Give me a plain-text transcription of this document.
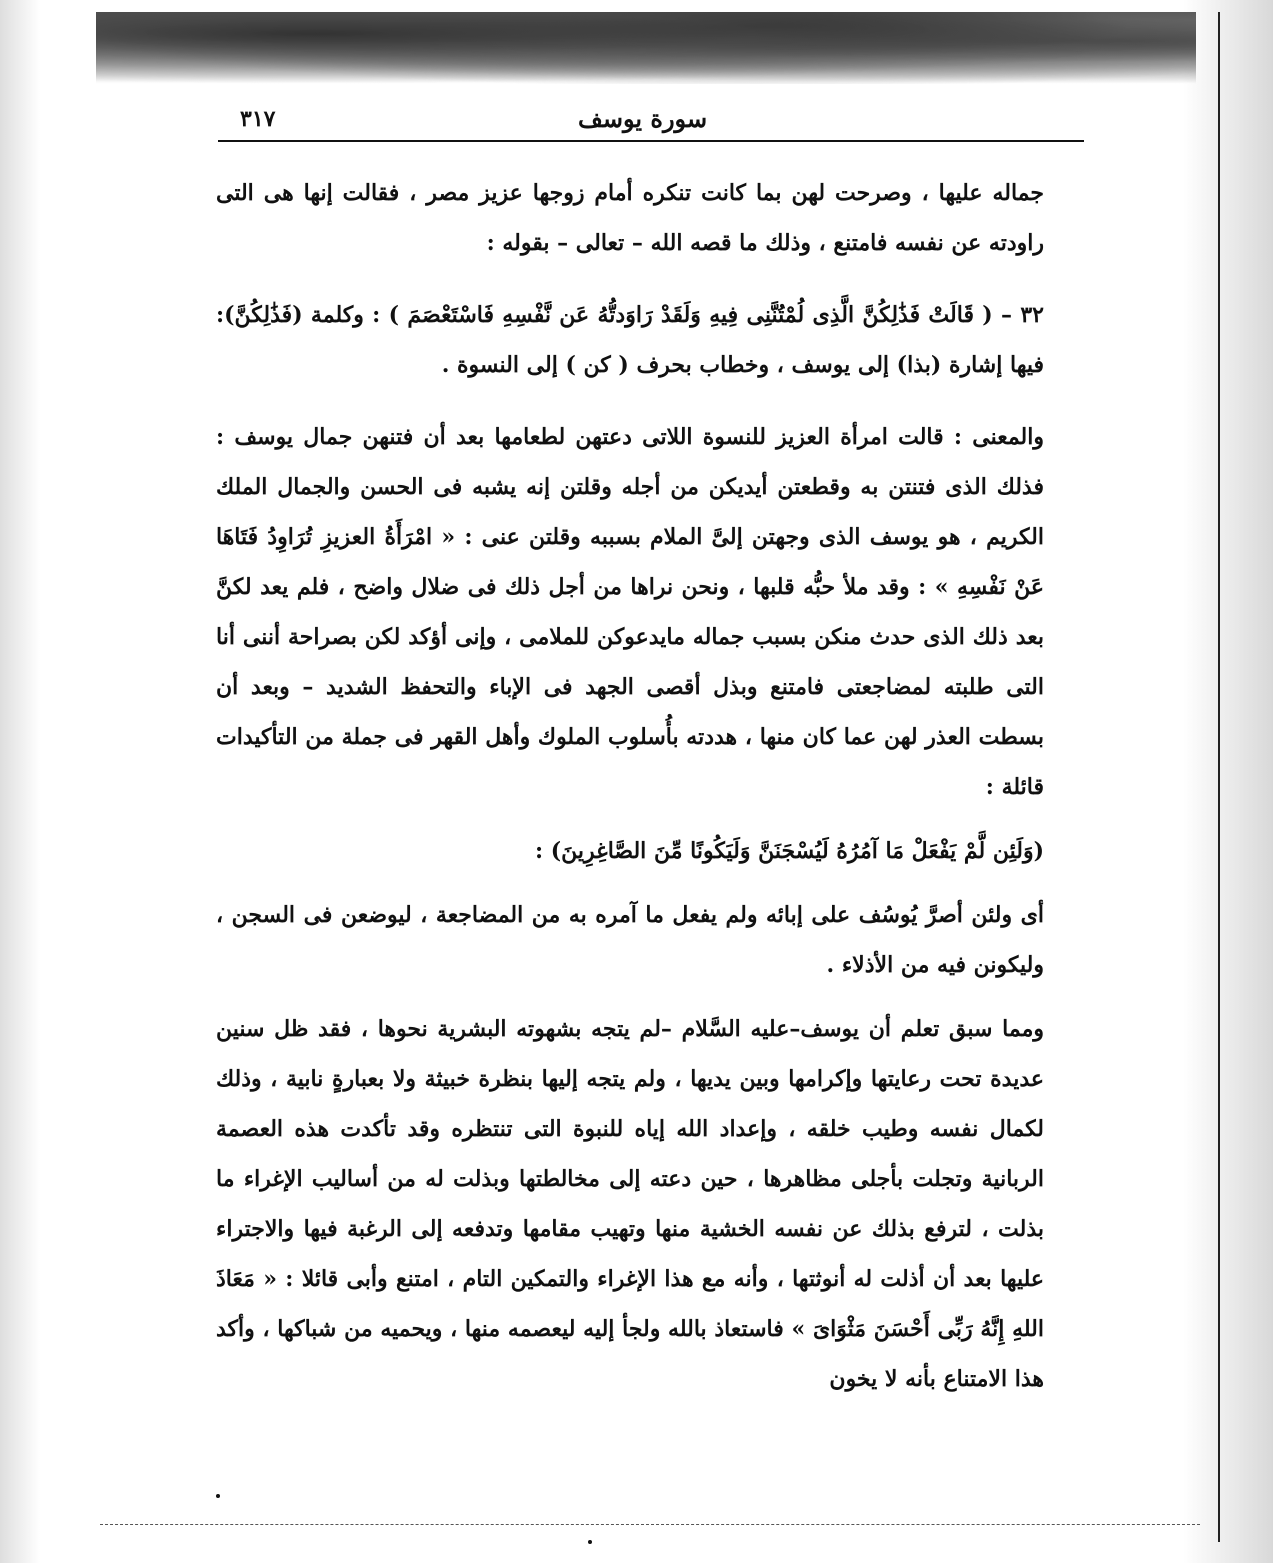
٣١٧	سورة يوسف

جماله عليها ، وصرحت لهن بما كانت تنكره أمام زوجها عزيز مصر ، فقالت إنها هى التى راودته عن نفسه فامتنع ، وذلك ما قصه الله – تعالى – بقوله :

٣٢ – ( قَالَتْ فَذَٰلِكُنَّ الَّذِى لُمْتُنَّنِى فِيهِ وَلَقَدْ رَاوَدتُّهُ عَن نَّفْسِهِ فَاسْتَعْصَمَ ) : وكلمة (فَذَٰلِكُنَّ): فيها إشارة (بذا) إلى يوسف ، وخطاب بحرف ( كن ) إلى النسوة .

والمعنى : قالت امرأة العزيز للنسوة اللاتى دعتهن لطعامها بعد أن فتنهن جمال يوسف : فذلك الذى فتنتن به وقطعتن أيديكن من أجله وقلتن إنه يشبه فى الحسن والجمال الملك الكريم ، هو يوسف الذى وجهتن إلىَّ الملام بسببه وقلتن عنى : « امْرَأَةُ العزيزِ تُرَاوِدُ فَتَاهَا عَنْ نَفْسِهِ » : وقد ملأ حبُّه قلبها ، ونحن نراها من أجل ذلك فى ضلال واضح ، فلم يعد لكنَّ بعد ذلك الذى حدث منكن بسبب جماله مايدعوكن للملامى ، وإنى أؤكد لكن بصراحة أننى أنا التى طلبته لمضاجعتى فامتنع وبذل أقصى الجهد فى الإباء والتحفظ الشديد – وبعد أن بسطت العذر لهن عما كان منها ، هددته بأُسلوب الملوك وأهل القهر فى جملة من التأكيدات قائلة :

(وَلَئِن لَّمْ يَفْعَلْ مَا آمُرُهُ لَيُسْجَنَنَّ وَلَيَكُونًا مِّنَ الصَّاغِرِينَ) :

أى ولئن أصرَّ يُوسُف على إبائه ولم يفعل ما آمره به من المضاجعة ، ليوضعن فى السجن ، وليكونن فيه من الأذلاء .

ومما سبق تعلم أن يوسف–عليه السَّلام –لم يتجه بشهوته البشرية نحوها ، فقد ظل سنين عديدة تحت رعايتها وإكرامها وبين يديها ، ولم يتجه إليها بنظرة خبيثة ولا بعبارةٍ نابية ، وذلك لكمال نفسه وطيب خلقه ، وإعداد الله إياه للنبوة التى تنتظره وقد تأكدت هذه العصمة الربانية وتجلت بأجلى مظاهرها ، حين دعته إلى مخالطتها وبذلت له من أساليب الإغراء ما بذلت ، لترفع بذلك عن نفسه الخشية منها وتهيب مقامها وتدفعه إلى الرغبة فيها والاجتراء عليها بعد أن أذلت له أنوثتها ، وأنه مع هذا الإغراء والتمكين التام ، امتنع وأبى قائلا : « مَعَاذَ اللهِ إِنَّهُ رَبِّى أَحْسَنَ مَثْوَاىَ » فاستعاذ بالله ولجأ إليه ليعصمه منها ، ويحميه من شباكها ، وأكد هذا الامتناع بأنه لا يخون
